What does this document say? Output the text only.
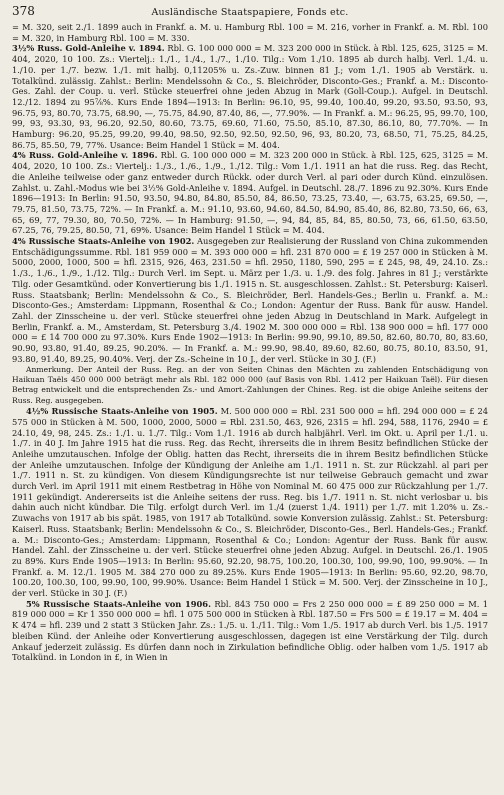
378	Ausländische Staatspapiere, Fonds etc.

= M. 320, seit 2./1. 1899 auch in Frankf. a. M. u. Hamburg Rbl. 100 = M. 216, vorher in Frankf. a. M. Rbl. 100 = M. 320, in Hamburg Rbl. 100 = M. 330.

3½% Russ. Gold-Anleihe v. 1894. Rbl. G. 100 000 000 = M. 323 200 000 in Stück. à Rbl. 125, 625, 3125 = M. 404, 2020, 10 100. Zs.: Viertelj.: 1./1., 1./4., 1./7., 1./10. Tilg.: Vom 1./10. 1895 ab durch halbj. Verl. 1./4. u. 1./10. per 1./7. bezw. 1./1. mit halbj. 0,11205% u. Zs.-Zuw. binnen 81 J.; vom 1./1. 1905 ab Verstärk. u. Totalkünd. zulässig. Zahlst.: Berlin: Mendelssohn & Co., S. Bleichröder, Disconto-Ges.; Frankf. a. M.: Disconto-Ges. Zahl. der Coup. u. verl. Stücke steuerfrei ohne jeden Abzug in Mark (Goll-Coup.). Aufgel. in Deutschl. 12./12. 1894 zu 95⅞%. Kurs Ende 1894—1913: In Berlin: 96.10, 95, 99.40, 100.40, 99.20, 93.50, 93.50, 93, 96.75, 93, 80.70, 73.75, 68.90, —, 75.75, 84.90, 87.40, 86, —, 77.90%. — In Frankf. a. M.: 96.25, 95, 99.70, 100, 99, 93, 93.30, 93, 96.20, 92.50, 80.60, 73.75, 69.60, 71.60, 75.50, 85.10, 87.30, 86.10, 80, 77.70%. — In Hamburg: 96.20, 95.25, 99.20, 99.40, 98.50, 92.50, 92.50, 92.50, 96, 93, 80.20, 73, 68.50, 71, 75.25, 84.25, 86.75, 85.50, 79, 77%. Usance: Beim Handel 1 Stück = M. 404.

4% Russ. Gold-Anleihe v. 1896. Rbl. G. 100 000 000 = M. 323 200 000 in Stück. à Rbl. 125, 625, 3125 = M. 404, 2020, 10 100. Zs.: Viertelj.: 1./3., 1./6., 1./9., 1./12. Tilg.: Vom 1./1. 1911 an hat die russ. Reg. das Recht, die Anleihe teilweise oder ganz entweder durch Rückk. oder durch Verl. al pari oder durch Künd. einzulösen. Zahlst. u. Zahl.-Modus wie bei 3½% Gold-Anleihe v. 1894. Aufgel. in Deutschl. 28./7. 1896 zu 92.30%. Kurs Ende 1896—1913: In Berlin: 91.50, 93.50, 94.80, 84.80, 85.50, 84, 86.50, 73.25, 73.40, —, 63.75, 63.25, 69.50, —, 79.75, 81.50, 73.75, 72%. — In Frankf. a. M.: 91.10, 93.60, 94.60, 84.50, 84.90, 85.40, 86, 82.80, 73.50, 66, 63, 65, 69, 77, 79.30, 80, 70.50, 72%. — In Hamburg: 91.50, —, 94, 84, 85, 84, 85, 80.50, 73, 66, 61.50, 63.50, 67.25, 76, 79.25, 80.50, 71, 69%. Usance: Beim Handel 1 Stück = M. 404.

4% Russische Staats-Anleihe von 1902. Ausgegeben zur Realisierung der Russland von China zukommenden Entschädigungssumme. Rbl. 181 959 000 = M. 393 000 000 = hfl. 231 870 000 = £ 19 257 000 in Stücken à M. 5000, 2000, 1000, 500 = hfl. 2315, 926, 463, 231.50 = hfl. 2950, 1180, 590, 295 = £ 245, 98, 49, 24.10. Zs.: 1./3., 1./6., 1./9., 1./12. Tilg.: Durch Verl. im Sept. u. März per 1./3. u. 1./9. des folg. Jahres in 81 J.; verstärkte Tilg. oder Gesamtkünd. oder Konvertierung bis 1./1. 1915 n. St. ausgeschlossen. Zahlst.: St. Petersburg: Kaiserl. Russ. Staatsbank; Berlin: Mendelssohn & Co., S. Bleichröder, Berl. Handels-Ges.; Berlin u. Frankf. a. M.: Disconto-Ges.; Amsterdam: Lippmann, Rosenthal & Co.; London: Agentur der Russ. Bank für ausw. Handel. Zahl. der Zinsscheine u. der verl. Stücke steuerfrei ohne jeden Abzug in Deutschland in Mark. Aufgelegt in Berlin, Frankf. a. M., Amsterdam, St. Petersburg 3./4. 1902 M. 300 000 000 = Rbl. 138 900 000 = hfl. 177 000 000 = £ 14 700 000 zu 97.30%. Kurs Ende 1902—1913: In Berlin: 99.90, 99.10, 89.50, 82.60, 80.70, 80, 83.60, 90.90, 93.80, 91.40, 89.25, 90.20%. — In Frankf. a. M.: 99.90, 98.40, 89.60, 82.60, 80.75, 80.10, 83.50, 91, 93.80, 91.40, 89.25, 90.40%. Verj. der Zs.-Scheine in 10 J., der verl. Stücke in 30 J. (F.)

Anmerkung. Der Anteil der Russ. Reg. an der von Seiten Chinas den Mächten zu zahlenden Entschädigung von Haikuan Taëls 450 000 000 beträgt mehr als Rbl. 182 000 000 (auf Basis von Rbl. 1.412 per Haikuan Taël). Für diesen Betrag entwickelt und die entsprechenden Zs.- und Amort.-Zahlungen der Chines. Reg. ist die obige Anleihe seitens der Russ. Reg. ausgegeben.

4½% Russische Staats-Anleihe von 1905. M. 500 000 000 = Rbl. 231 500 000 = hfl. 294 000 000 = £ 24 575 000 in Stücken à M. 500, 1000, 2000, 5000 = Rbl. 231.50, 463, 926, 2315 = hfl. 294, 588, 1176, 2940 = £ 24.10, 49, 98, 245. Zs.: 1./1. u. 1./7. Tilg.: Vom 1./1. 1916 ab durch halbjährl. Verl. im Okt. u. April per 1./1. u. 1./7. in 40 J. Im Jahre 1915 hat die russ. Reg. das Recht, ihrerseits die in ihrem Besitz befindlichen Stücke der Anleihe umzutauschen. Infolge der Oblig. hatten das Recht, ihrerseits die in ihrem Besitz befindlichen Stücke der Anleihe umzutauschen. Infolge der Kündigung der Anleihe am 1./1. 1911 n. St. zur Rückzahl. al pari per 1./7. 1911 n. St. zu kündigen. Von diesem Kündigungsrechte ist nur teilweise Gebrauch gemacht und zwar durch Verl. im April 1911 mit einem Restbetrag in Höhe von Nominal M. 60 475 000 zur Rückzahlung per 1./7. 1911 gekündigt. Andererseits ist die Anleihe seitens der russ. Reg. bis 1./7. 1911 n. St. nicht verlosbar u. bis dahin auch nicht kündbar. Die Tilg. erfolgt durch Verl. im 1./4 (zuerst 1./4. 1911) per 1./7. mit 1.20% u. Zs.-Zuwachs von 1917 ab bis spät. 1985, von 1917 ab Totalkünd. sowie Konversion zulässig. Zahlst.: St. Petersburg: Kaiserl. Russ. Staatsbank; Berlin: Mendelssohn & Co., S. Bleichröder, Disconto-Ges., Berl. Handels-Ges.; Frankf. a. M.: Disconto-Ges.; Amsterdam: Lippmann, Rosenthal & Co.; London: Agentur der Russ. Bank für ausw. Handel. Zahl. der Zinsscheine u. der verl. Stücke steuerfrei ohne jeden Abzug. Aufgel. in Deutschl. 26./1. 1905 zu 89%. Kurs Ende 1905—1913: In Berlin: 95.60, 92.20, 98.75, 100.20, 100.30, 100, 99.90, 100, 99.90%. — In Frankf. a. M. 12./1. 1905 M. 384 270 000 zu 89.25%. Kurs Ende 1905—1913: In Berlin: 95.60, 92.20, 98.70, 100.20, 100.30, 100, 99.90, 100, 99.90%. Usance: Beim Handel 1 Stück = M. 500. Verj. der Zinsscheine in 10 J., der verl. Stücke in 30 J. (F.)

5% Russische Staats-Anleihe von 1906. Rbl. 843 750 000 = Frs 2 250 000 000 = £ 89 250 000 = M. 1 819 000 000 = Kr 1 350 000 000 = hfl. 1 075 500 000 in Stücken à Rbl. 187.50 = Frs 500 = £ 19.17 = M. 404 = K 474 = hfl. 239 und 2 statt 3 Stücken Jahr. Zs.: 1./5. u. 1./11. Tilg.: Vom 1./5. 1917 ab durch Verl. bis 1./5. 1917 bleiben Künd. der Anleihe oder Konvertierung ausgeschlossen, dagegen ist eine Verstärkung der Tilg. durch Ankauf jederzeit zulässig. Es dürfen dann noch in Zirkulation befindliche Oblig. oder halben vom 1./5. 1917 ab Totalkünd. in London in £, in Wien in
